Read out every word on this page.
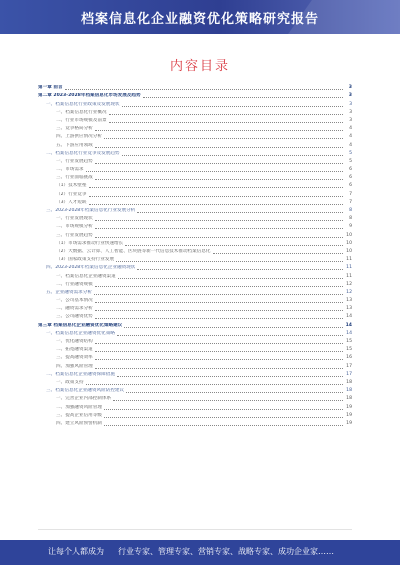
档案信息化企业融资优化策略研究报告
内容目录
第一章 前言	3
第二章 2023-2028年档案信息化市场发展及趋势	3
一、档案信息化行业政策及发展现状	3
一、档案信息化行业概况	3
二、行业市场规模及前景	3
三、竞争格局分析	4
四、上游供应情况分析	4
五、下游应用领域	4
二、档案信息化行业竞争及发展趋势	5
一、行业发展趋势	5
二、市场需求	6
三、行业面临挑战	6
（1）技术壁垒	6
（2）行业竞争	7
（3）人才短缺	7
三、2023-2028年档案信息化行业发展分析	8
一、行业发展现状	8
二、市场规模分析	9
三、行业发展趋势	10
（1）市场需求推动行业快速增长	10
（2）大数据、云计算、人工智能、区块链等新一代信息技术推动档案信息化	10
（3）国家政策支持行业发展	11
四、2023-2028年档案信息化企业融资现状	11
一、档案信息化企业融资渠道	11
二、行业融资规模	12
五、企业融资需求分析	12
一、公司基本情况	13
二、融资需求分析	13
三、公司融资优势	14
第三章 档案信息化企业融资优化策略建议	14
一、档案信息化企业融资优化策略	14
一、优化融资结构	15
二、拓宽融资渠道	15
三、提高融资效率	16
四、加强风险管理	17
二、档案信息化企业融资保障措施	17
一、政策支持	18
三、档案信息化企业融资风险防控建议	18
一、完善企业内部控制体系	18
二、加强融资风险管理	19
三、提高企业信用等级	19
四、建立风险预警机制	19
让每个人都成为 行业专家、管理专家、营销专家、战略专家、成功企业家……
